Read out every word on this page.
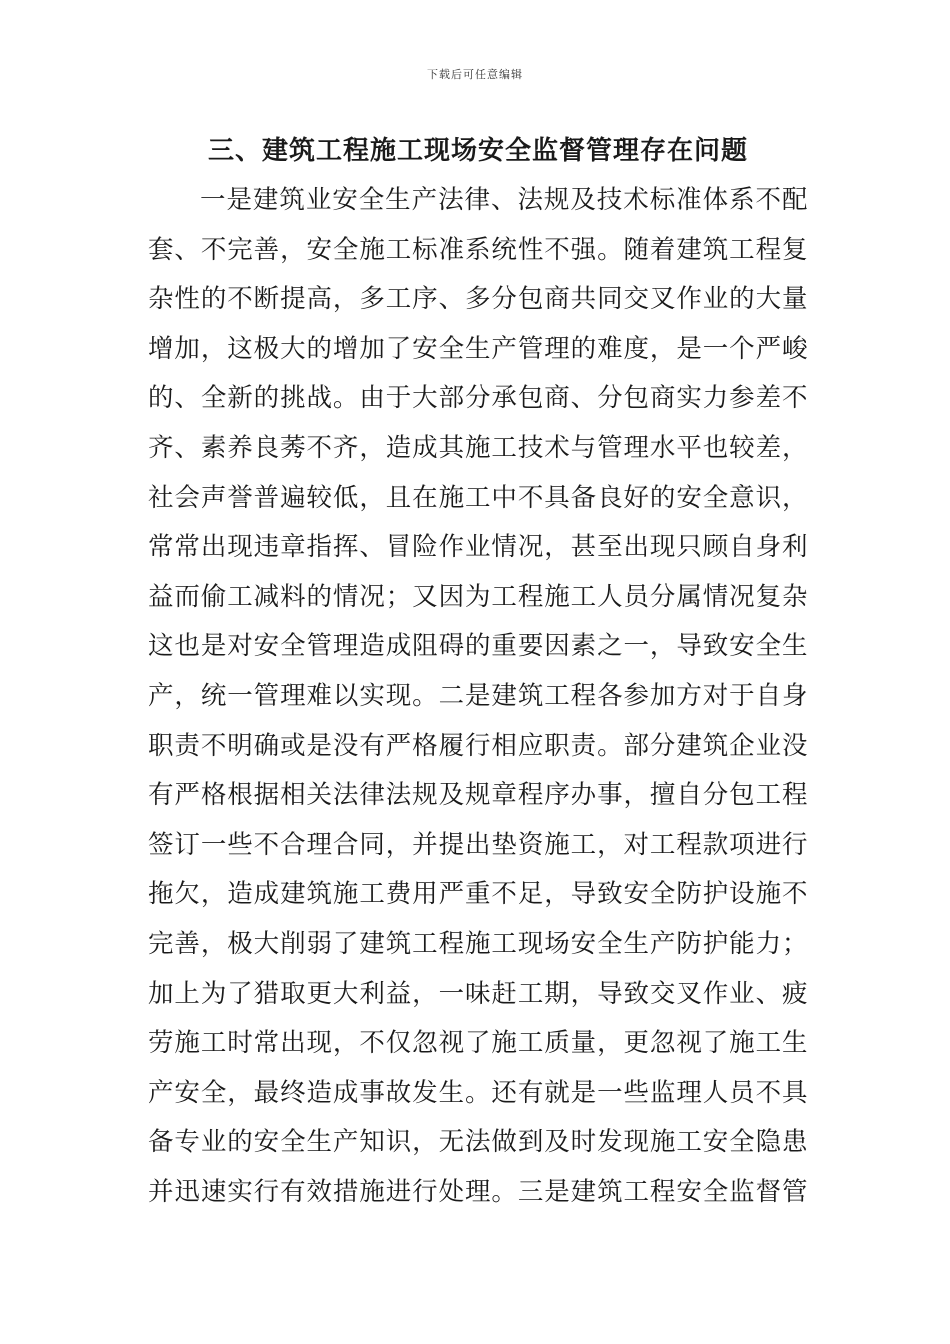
下载后可任意编辑
三、建筑工程施工现场安全监督管理存在问题
一是建筑业安全生产法律、法规及技术标准体系不配
套、不完善，安全施工标准系统性不强。随着建筑工程复
杂性的不断提高，多工序、多分包商共同交叉作业的大量
增加，这极大的增加了安全生产管理的难度，是一个严峻
的、全新的挑战。由于大部分承包商、分包商实力参差不
齐、素养良莠不齐，造成其施工技术与管理水平也较差，
社会声誉普遍较低，且在施工中不具备良好的安全意识，
常常出现违章指挥、冒险作业情况，甚至出现只顾自身利
益而偷工减料的情况；又因为工程施工人员分属情况复杂
这也是对安全管理造成阻碍的重要因素之一，导致安全生
产，统一管理难以实现。二是建筑工程各参加方对于自身
职责不明确或是没有严格履行相应职责。部分建筑企业没
有严格根据相关法律法规及规章程序办事，擅自分包工程
签订一些不合理合同，并提出垫资施工，对工程款项进行
拖欠，造成建筑施工费用严重不足，导致安全防护设施不
完善，极大削弱了建筑工程施工现场安全生产防护能力；
加上为了猎取更大利益，一味赶工期，导致交叉作业、疲
劳施工时常出现，不仅忽视了施工质量，更忽视了施工生
产安全，最终造成事故发生。还有就是一些监理人员不具
备专业的安全生产知识，无法做到及时发现施工安全隐患
并迅速实行有效措施进行处理。三是建筑工程安全监督管
